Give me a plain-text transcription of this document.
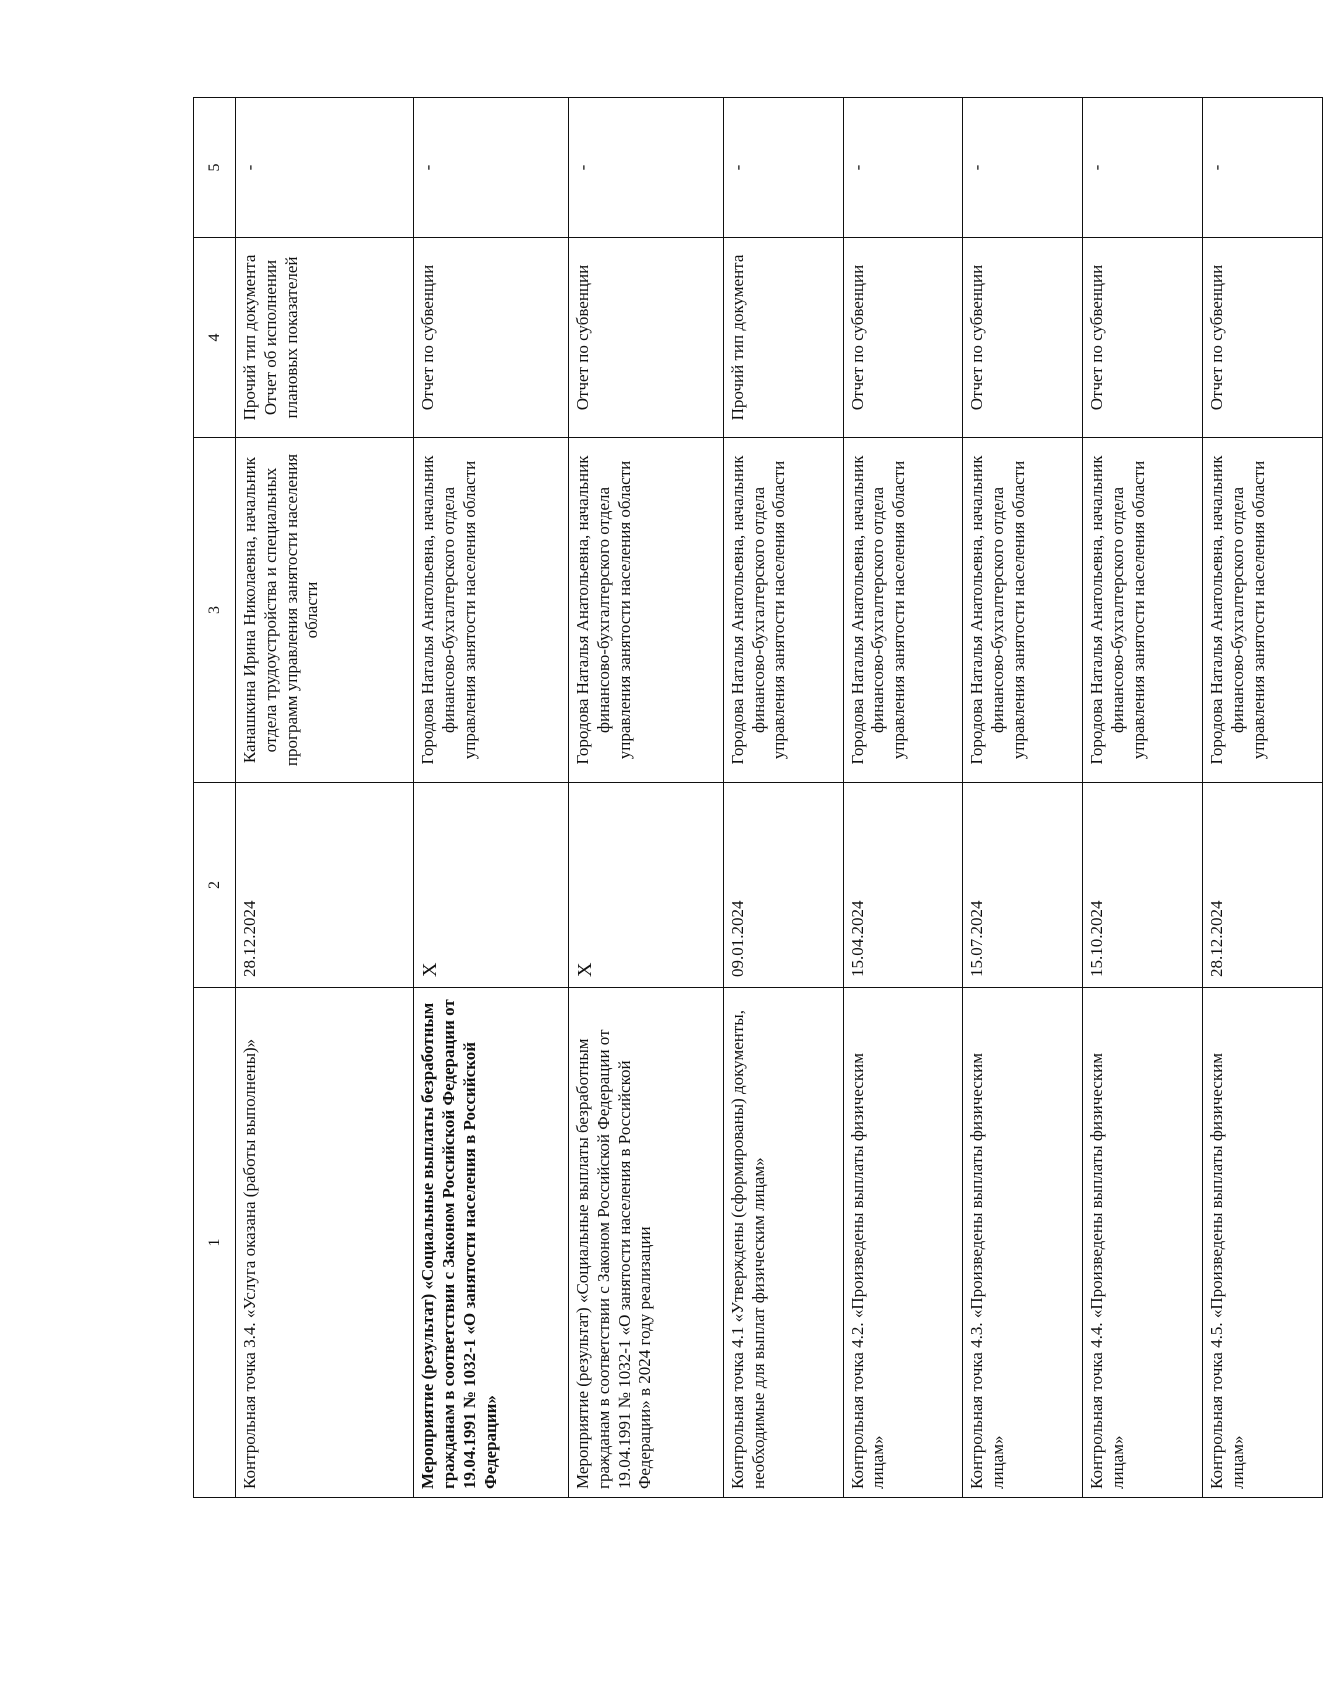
1	2	3	4	5
Контрольная точка 3.4. «Услуга оказана (работы выполнены)»	28.12.2024	Канашкина Ирина Николаевна, начальник отдела трудоустройства и специальных программ управления занятости населения области	Прочий тип документа Отчет об исполнении плановых показателей	-
Мероприятие (результат) «Социальные выплаты безработным гражданам в соответствии с Законом Российской Федерации от 19.04.1991 № 1032-1 «О занятости населения в Российской Федерации»	X	Городова Наталья Анатольевна, начальник финансово-бухгалтерского отдела управления занятости населения области	Отчет по субвенции	-
Мероприятие (результат) «Социальные выплаты безработным гражданам в соответствии с Законом Российской Федерации от 19.04.1991 № 1032-1 «О занятости населения в Российской Федерации» в 2024 году реализации	X	Городова Наталья Анатольевна, начальник финансово-бухгалтерского отдела управления занятости населения области	Отчет по субвенции	-
Контрольная точка 4.1 «Утверждены (сформированы) документы, необходимые для выплат физическим лицам»	09.01.2024	Городова Наталья Анатольевна, начальник финансово-бухгалтерского отдела управления занятости населения области	Прочий тип документа	-
Контрольная точка 4.2. «Произведены выплаты физическим лицам»	15.04.2024	Городова Наталья Анатольевна, начальник финансово-бухгалтерского отдела управления занятости населения области	Отчет по субвенции	-
Контрольная точка 4.3. «Произведены выплаты физическим лицам»	15.07.2024	Городова Наталья Анатольевна, начальник финансово-бухгалтерского отдела управления занятости населения области	Отчет по субвенции	-
Контрольная точка 4.4. «Произведены выплаты физическим лицам»	15.10.2024	Городова Наталья Анатольевна, начальник финансово-бухгалтерского отдела управления занятости населения области	Отчет по субвенции	-
Контрольная точка 4.5. «Произведены выплаты физическим лицам»	28.12.2024	Городова Наталья Анатольевна, начальник финансово-бухгалтерского отдела управления занятости населения области	Отчет по субвенции	-
